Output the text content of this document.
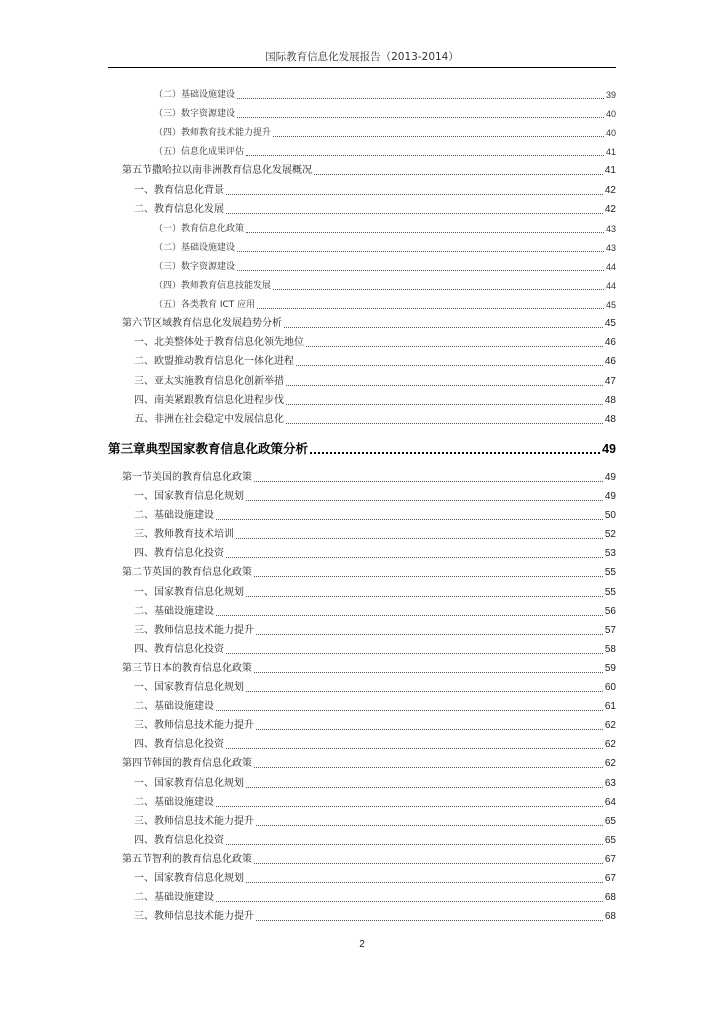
国际教育信息化发展报告（2013-2014）
（二）基础设施建设	39
（三）数字资源建设	40
（四）教师教育技术能力提升	40
（五）信息化成果评估	41
第五节撒哈拉以南非洲教育信息化发展概况	41
一、教育信息化背景	42
二、教育信息化发展	42
（一）教育信息化政策	43
（二）基础设施建设	43
（三）数字资源建设	44
（四）教师教育信息技能发展	44
（五）各类教育 ICT 应用	45
第六节区域教育信息化发展趋势分析	45
一、北美整体处于教育信息化领先地位	46
二、欧盟推动教育信息化一体化进程	46
三、亚太实施教育信息化创新举措	47
四、南美紧跟教育信息化进程步伐	48
五、非洲在社会稳定中发展信息化	48
第三章典型国家教育信息化政策分析	49
第一节美国的教育信息化政策	49
一、国家教育信息化规划	49
二、基础设施建设	50
三、教师教育技术培训	52
四、教育信息化投资	53
第二节英国的教育信息化政策	55
一、国家教育信息化规划	55
二、基础设施建设	56
三、教师信息技术能力提升	57
四、教育信息化投资	58
第三节日本的教育信息化政策	59
一、国家教育信息化规划	60
二、基础设施建设	61
三、教师信息技术能力提升	62
四、教育信息化投资	62
第四节韩国的教育信息化政策	62
一、国家教育信息化规划	63
二、基础设施建设	64
三、教师信息技术能力提升	65
四、教育信息化投资	65
第五节智利的教育信息化政策	67
一、国家教育信息化规划	67
二、基础设施建设	68
三、教师信息技术能力提升	68
2
